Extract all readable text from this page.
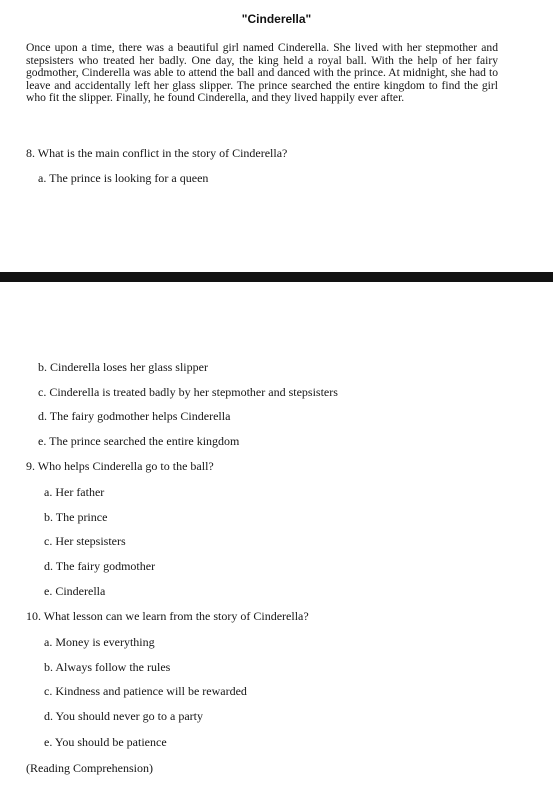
"Cinderella"

Once upon a time, there was a beautiful girl named Cinderella. She lived with her stepmother and stepsisters who treated her badly. One day, the king held a royal ball. With the help of her fairy godmother, Cinderella was able to attend the ball and danced with the prince. At midnight, she had to leave and accidentally left her glass slipper. The prince searched the entire kingdom to find the girl who fit the slipper. Finally, he found Cinderella, and they lived happily ever after.

8. What is the main conflict in the story of Cinderella?
a. The prince is looking for a queen
b. Cinderella loses her glass slipper
c. Cinderella is treated badly by her stepmother and stepsisters
d. The fairy godmother helps Cinderella
e. The prince searched the entire kingdom
9. Who helps Cinderella go to the ball?
a. Her father
b. The prince
c. Her stepsisters
d. The fairy godmother
e. Cinderella
10. What lesson can we learn from the story of Cinderella?
a. Money is everything
b. Always follow the rules
c. Kindness and patience will be rewarded
d. You should never go to a party
e. You should be patience
(Reading Comprehension)
